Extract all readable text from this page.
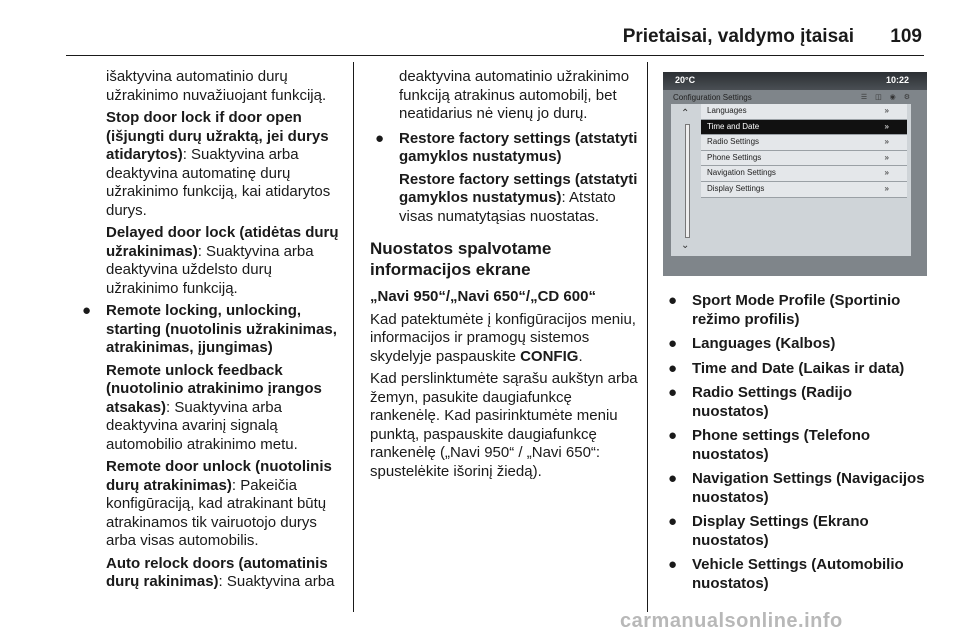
Prietaisai, valdymo įtaisai 109

išaktyvina automatinio durų užrakinimo nuvažiuojant funkciją.

Stop door lock if door open (išjungti durų užraktą, jei durys atidarytos): Suaktyvina arba deaktyvina automatinę durų užrakinimo funkciją, kai atidarytos durys.

Delayed door lock (atidėtas durų užrakinimas): Suaktyvina arba deaktyvina uždelsto durų užrakinimo funkciją.

● Remote locking, unlocking, starting (nuotolinis užrakinimas, atrakinimas, įjungimas)

Remote unlock feedback (nuotolinio atrakinimo įrangos atsakas): Suaktyvina arba deaktyvina avarinį signalą automobilio atrakinimo metu.

Remote door unlock (nuotolinis durų atrakinimas): Pakeičia konfigūraciją, kad atrakinant būtų atrakinamos tik vairuotojo durys arba visas automobilis.

Auto relock doors (automatinis durų rakinimas): Suaktyvina arba

deaktyvina automatinio užrakinimo funkciją atrakinus automobilį, bet neatidarius nė vienų jo durų.

● Restore factory settings (atstatyti gamyklos nustatymus)

Restore factory settings (atstatyti gamyklos nustatymus): Atstato visas numatytąsias nuostatas.

Nuostatos spalvotame informacijos ekrane
„Navi 950“/„Navi 650“/„CD 600“

Kad patektumėte į konfigūracijos meniu, informacijos ir pramogų sistemos skydelyje paspauskite CONFIG.

Kad perslinktumėte sąrašu aukštyn arba žemyn, pasukite daugiafunkcę rankenėlę. Kad pasirinktumėte meniu punktą, paspauskite daugiafunkcę rankenėlę („Navi 950“ / „Navi 650“: spustelėkite išorinį žiedą).

20°C	10:22
Configuration Settings	☰ ◫ ◉ ⚙
⌃
⌄
Languages	»
Time and Date	»
Radio Settings	»
Phone Settings	»
Navigation Settings	»
Display Settings	»

● Sport Mode Profile (Sportinio režimo profilis)

● Languages (Kalbos)

● Time and Date (Laikas ir data)

● Radio Settings (Radijo nuostatos)

● Phone settings (Telefono nuostatos)

● Navigation Settings (Navigacijos nuostatos)

● Display Settings (Ekrano nuostatos)

● Vehicle Settings (Automobilio nuostatos)

carmanualsonline.info
